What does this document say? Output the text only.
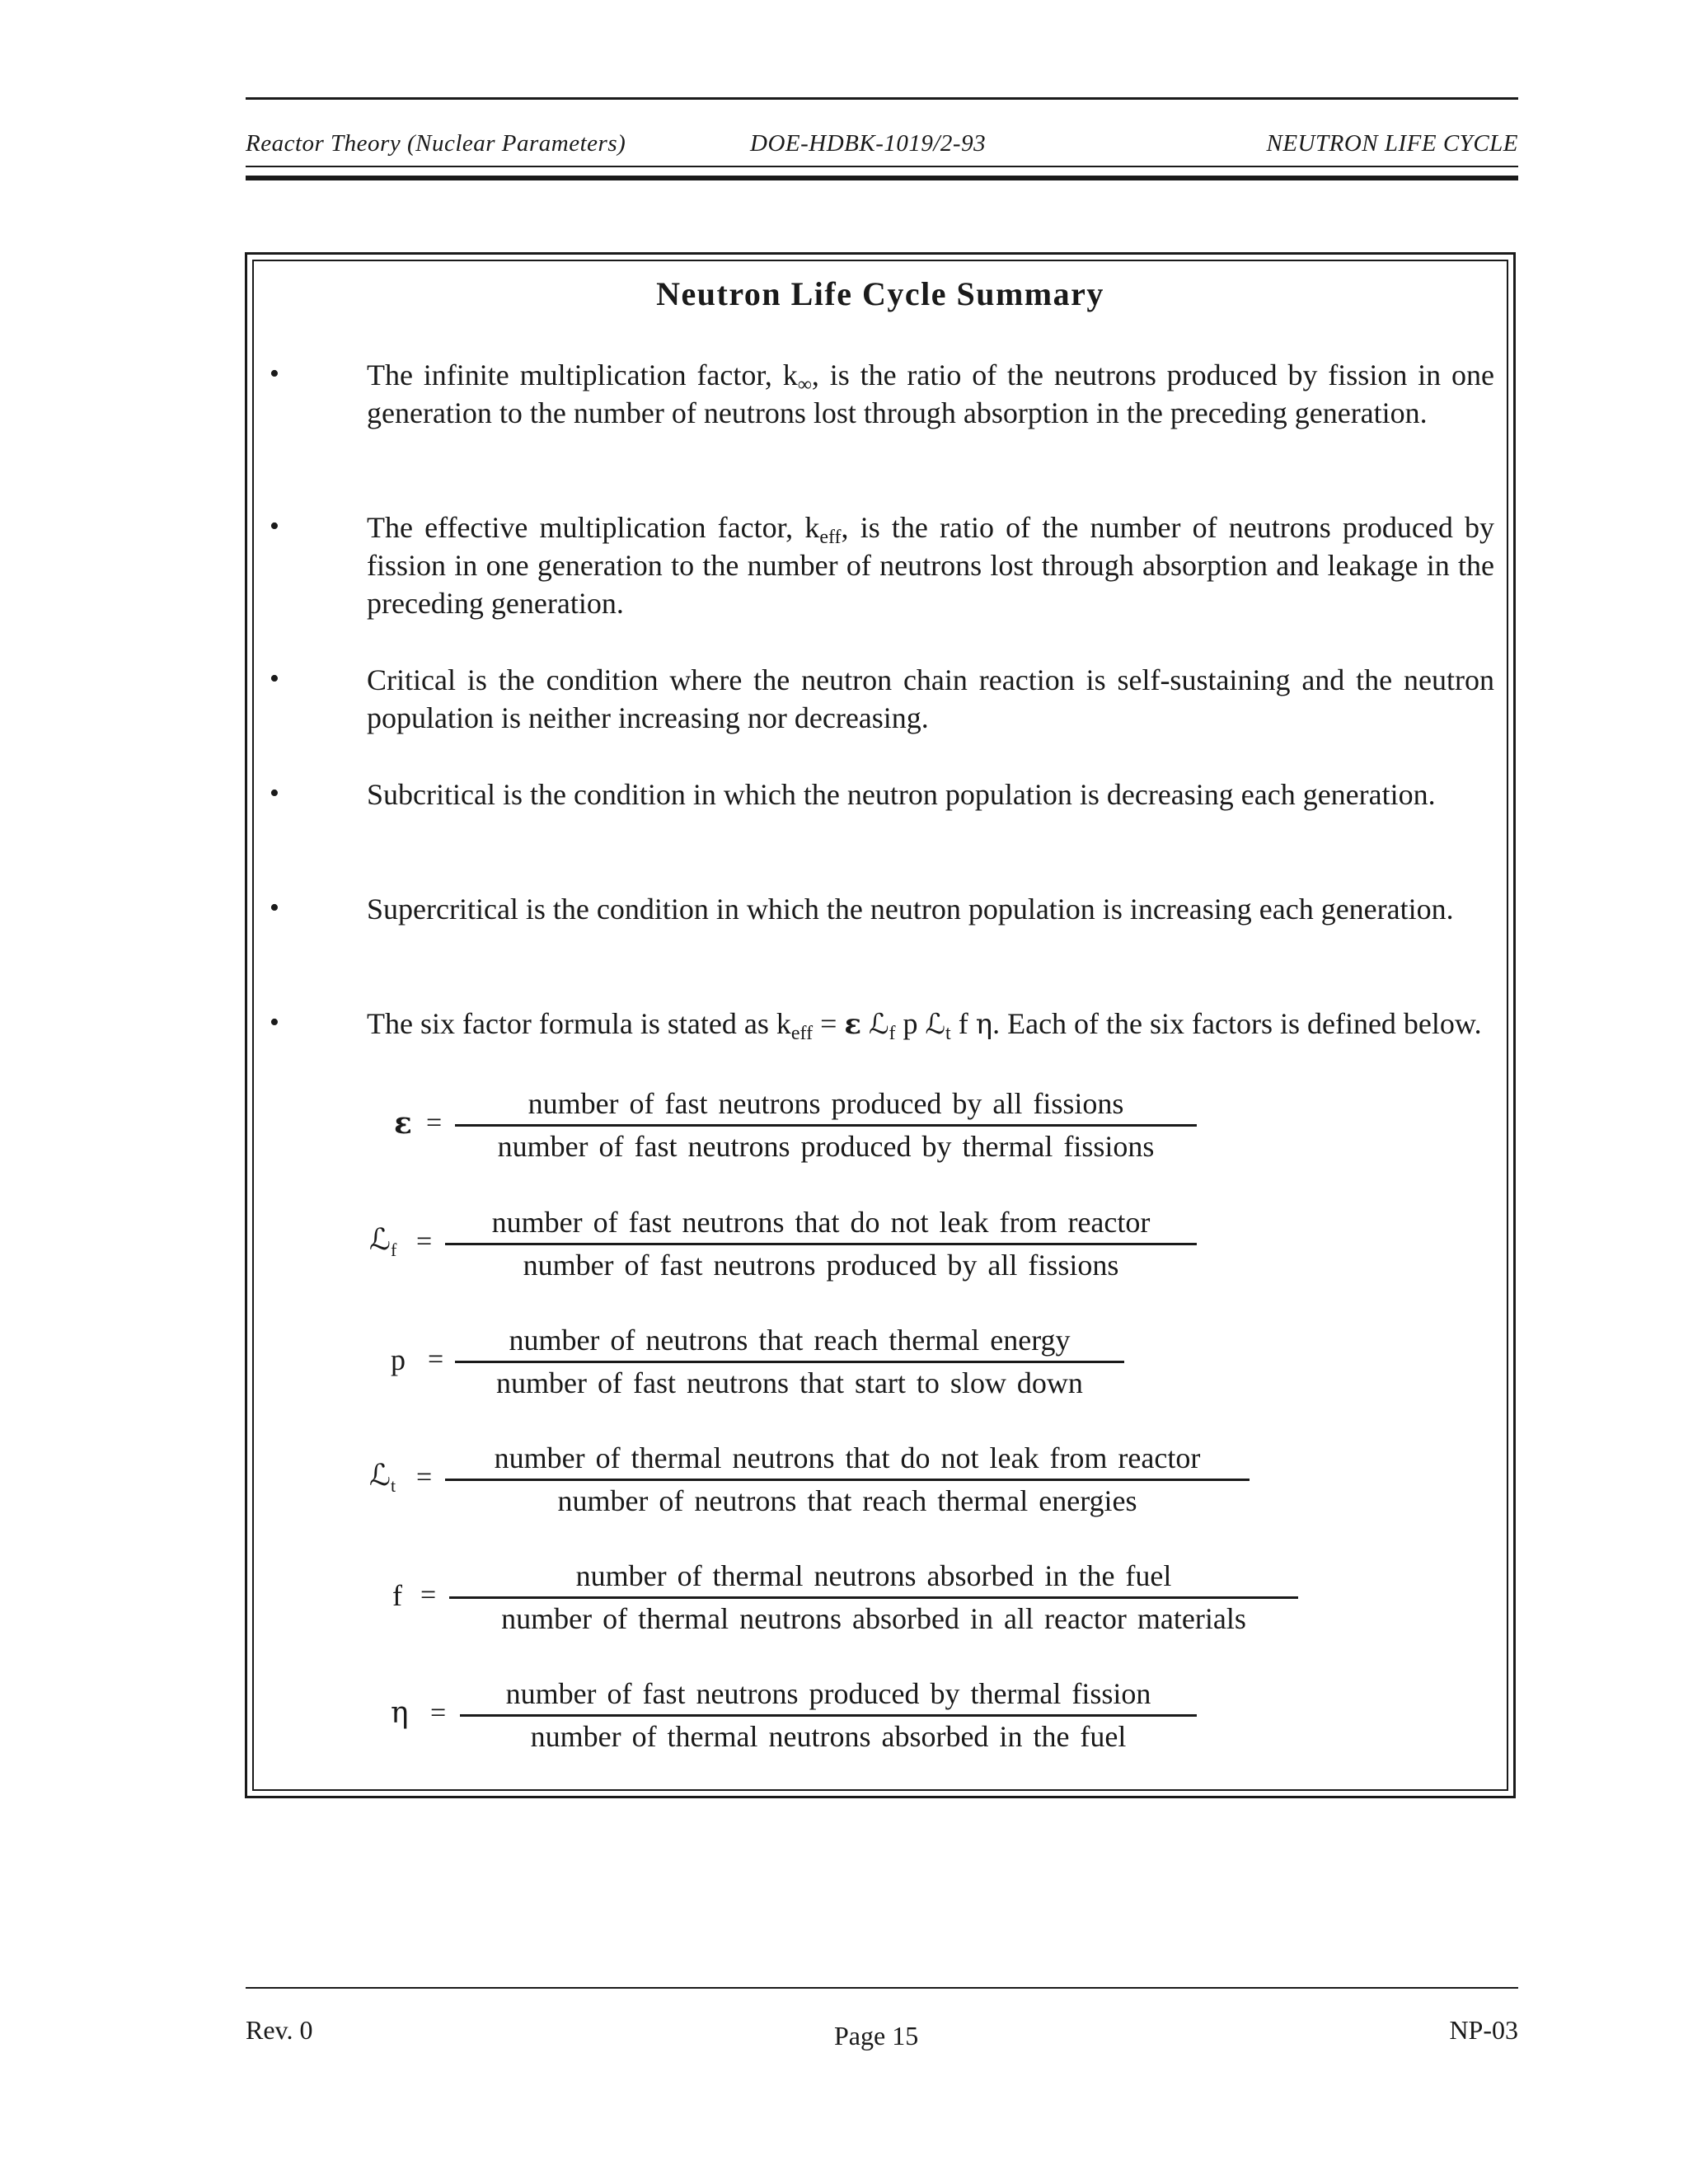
Reactor Theory (Nuclear Parameters)	DOE-HDBK-1019/2-93	NEUTRON LIFE CYCLE
Neutron Life Cycle Summary
•	The infinite multiplication factor, $k_\infty$, is the ratio of the neutrons produced by fission in one generation to the number of neutrons lost through absorption in the preceding generation.
•	The effective multiplication factor, $k_{eff}$, is the ratio of the number of neutrons produced by fission in one generation to the number of neutrons lost through absorption and leakage in the preceding generation.
•	Critical is the condition where the neutron chain reaction is self-sustaining and the neutron population is neither increasing nor decreasing.
•	Subcritical is the condition in which the neutron population is decreasing each generation.
•	Supercritical is the condition in which the neutron population is increasing each generation.
•	The six factor formula is stated as $k_{eff} = \varepsilon$ ℒ$_f$ p ℒ$_t$ f η. Each of the six factors is defined below.
ε =
number of fast neutrons produced by all fissions
number of fast neutrons produced by thermal fissions
ℒ$_f$ =
number of fast neutrons that do not leak from reactor
number of fast neutrons produced by all fissions
p =
number of neutrons that reach thermal energy
number of fast neutrons that start to slow down
ℒ$_t$ =
number of thermal neutrons that do not leak from reactor
number of neutrons that reach thermal energies
f =
number of thermal neutrons absorbed in the fuel
number of thermal neutrons absorbed in all reactor materials
η =
number of fast neutrons produced by thermal fission
number of thermal neutrons absorbed in the fuel
Rev. 0	Page 15	NP-03
